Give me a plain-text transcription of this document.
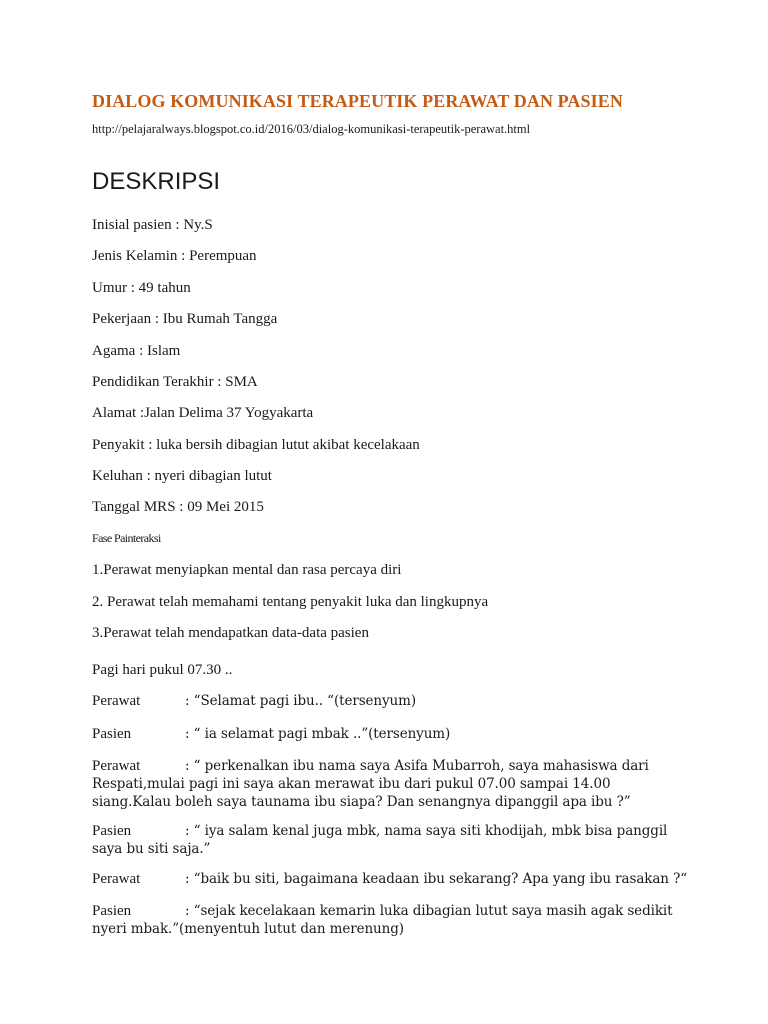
DIALOG KOMUNIKASI TERAPEUTIK PERAWAT DAN PASIEN
http://pelajaralways.blogspot.co.id/2016/03/dialog-komunikasi-terapeutik-perawat.html
DESKRIPSI
Inisial pasien : Ny.S
Jenis Kelamin : Perempuan
Umur : 49 tahun
Pekerjaan : Ibu Rumah Tangga
Agama : Islam
Pendidikan Terakhir : SMA
Alamat :Jalan Delima 37 Yogyakarta
Penyakit : luka bersih dibagian lutut akibat kecelakaan
Keluhan : nyeri dibagian lutut
Tanggal MRS : 09 Mei 2015
Fase Painteraksi
1.Perawat menyiapkan mental dan rasa percaya diri
2. Perawat telah memahami tentang penyakit luka dan lingkupnya
3.Perawat telah mendapatkan data-data pasien
Pagi hari pukul 07.30 ..
Perawat	: “Selamat pagi ibu.. “(tersenyum)
Pasien	: “ ia selamat pagi mbak ..”(tersenyum)
Perawat	: “ perkenalkan ibu nama saya Asifa Mubarroh, saya mahasiswa dari Respati,mulai pagi ini saya akan merawat ibu dari pukul 07.00 sampai 14.00 siang.Kalau boleh saya taunama ibu siapa? Dan senangnya dipanggil apa ibu ?”
Pasien	: “ iya salam kenal juga mbk, nama saya siti khodijah, mbk bisa panggil saya bu siti saja.”
Perawat	: “baik bu siti, bagaimana keadaan ibu sekarang? Apa yang ibu rasakan ?“
Pasien	: “sejak kecelakaan kemarin luka dibagian lutut saya masih agak sedikit nyeri mbak.”(menyentuh lutut dan merenung)
